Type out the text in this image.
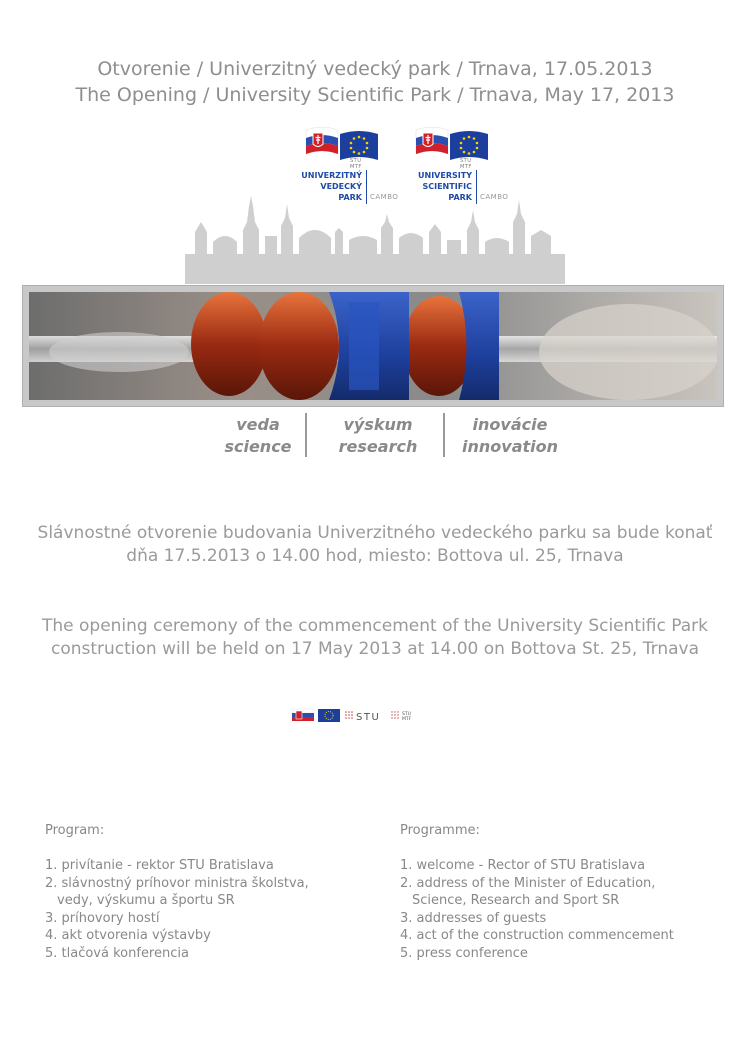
Otvorenie / Univerzitný vedecký park / Trnava, 17.05.2013
The Opening / University Scientific Park / Trnava, May 17, 2013
STU
MTF
UNIVERZITNÝ
VEDECKÝ
PARK CAMBO
STU
MTF
UNIVERSITY
SCIENTIFIC
PARK CAMBO
veda
science
výskum
research
inovácie
innovation
Slávnostné otvorenie budovania Univerzitného vedeckého parku sa bude konať
dňa 17.5.2013 o 14.00 hod, miesto: Bottova ul. 25, Trnava
The opening ceremony of the commencement of the University Scientific Park
construction will be held on 17 May 2013 at 14.00 on Bottova St. 25, Trnava
STU	STU
MTF
Program:
1. privítanie - rektor STU Bratislava
2. slávnostný príhovor ministra školstva,
vedy, výskumu a športu SR
3. príhovory hostí
4. akt otvorenia výstavby
5. tlačová konferencia
Programme:
1. welcome - Rector of STU Bratislava
2. address of the Minister of Education,
Science, Research and Sport SR
3. addresses of guests
4. act of the construction commencement
5. press conference
